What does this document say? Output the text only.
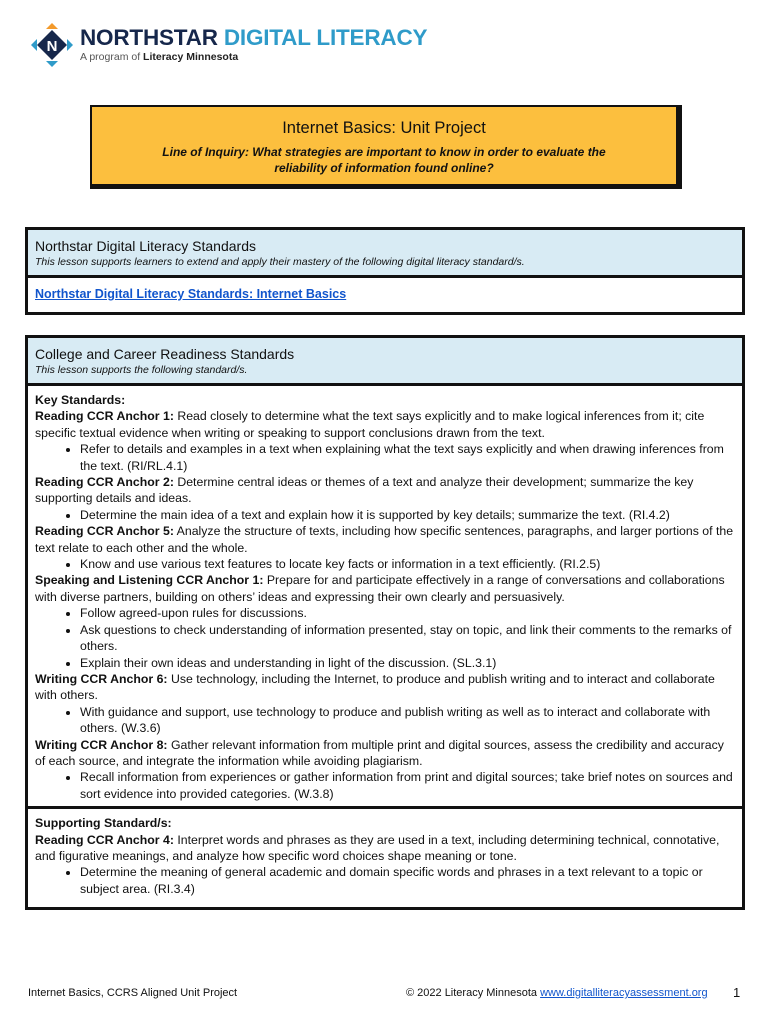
N NORTHSTAR DIGITAL LITERACY
A program of Literacy Minnesota
Internet Basics: Unit Project
Line of Inquiry: What strategies are important to know in order to evaluate the reliability of information found online?
Northstar Digital Literacy Standards
This lesson supports learners to extend and apply their mastery of the following digital literacy standard/s.
Northstar Digital Literacy Standards: Internet Basics
College and Career Readiness Standards
This lesson supports the following standard/s.

Key Standards:

Reading CCR Anchor 1: Read closely to determine what the text says explicitly and to make logical inferences from it; cite specific textual evidence when writing or speaking to support conclusions drawn from the text.

• Refer to details and examples in a text when explaining what the text says explicitly and when drawing inferences from the text. (RI/RL.4.1)

Reading CCR Anchor 2: Determine central ideas or themes of a text and analyze their development; summarize the key supporting details and ideas.

• Determine the main idea of a text and explain how it is supported by key details; summarize the text. (RI.4.2)

Reading CCR Anchor 5: Analyze the structure of texts, including how specific sentences, paragraphs, and larger portions of the text relate to each other and the whole.

• Know and use various text features to locate key facts or information in a text efficiently. (RI.2.5)

Speaking and Listening CCR Anchor 1: Prepare for and participate effectively in a range of conversations and collaborations with diverse partners, building on others’ ideas and expressing their own clearly and persuasively.

• Follow agreed-upon rules for discussions.
• Ask questions to check understanding of information presented, stay on topic, and link their comments to the remarks of others.
• Explain their own ideas and understanding in light of the discussion. (SL.3.1)

Writing CCR Anchor 6: Use technology, including the Internet, to produce and publish writing and to interact and collaborate with others.

• With guidance and support, use technology to produce and publish writing as well as to interact and collaborate with others. (W.3.6)

Writing CCR Anchor 8: Gather relevant information from multiple print and digital sources, assess the credibility and accuracy of each source, and integrate the information while avoiding plagiarism.

• Recall information from experiences or gather information from print and digital sources; take brief notes on sources and sort evidence into provided categories. (W.3.8)

Supporting Standard/s:

Reading CCR Anchor 4: Interpret words and phrases as they are used in a text, including determining technical, connotative, and figurative meanings, and analyze how specific word choices shape meaning or tone.

• Determine the meaning of general academic and domain specific words and phrases in a text relevant to a topic or subject area. (RI.3.4)
Internet Basics, CCRS Aligned Unit Project	© 2022 Literacy Minnesota www.digitalliteracyassessment.org 1
